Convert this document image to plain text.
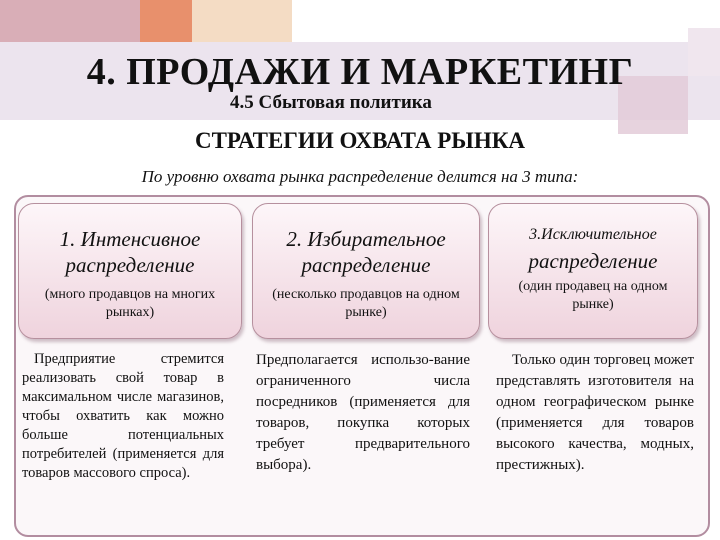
4. ПРОДАЖИ И МАРКЕТИНГ
4.5 Сбытовая политика
СТРАТЕГИИ ОХВАТА РЫНКА
По уровню охвата рынка распределение делится на 3 типа:
1. Интенсивное распределение
(много продавцов на многих рынках)
2. Избирательное распределение
(несколько продавцов на одном рынке)
3.Исключительное
распределение
(один продавец на одном рынке)
Предприятие стремится реализовать свой товар в максимальном числе магазинов, чтобы охватить как можно больше потенциальных потребителей (применяется для товаров массового спроса).
Предполагается использо-вание ограниченного числа посредников (применяется для товаров, покупка которых требует предварительного выбора).
Только один торговец может представлять изготовителя на одном географическом рынке (применяется для товаров высокого качества, модных, престижных).
